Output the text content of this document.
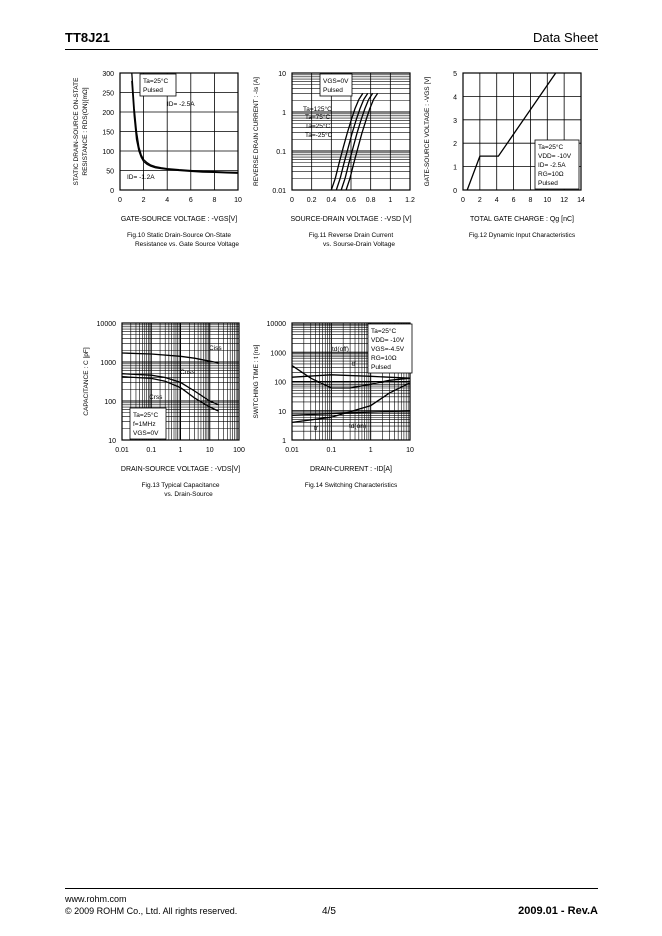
TT8J21	Data Sheet
0	2	4	6	8	10
0
50
100
150
200
250
300
GATE-SOURCE VOLTAGE : -VGS[V]
STATIC DRAIN-SOURCE ON-STATE RESISTANCE : RDS(ON)[mΩ]
Fig.10 Static Drain-Source On-State
Resistance vs. Gate Source Voltage
Ta=25°C
Pulsed
0 0.2 0.4 0.6 0.8 1 1.2
0.01
0.1
1
10
SOURCE-DRAIN VOLTAGE : -VSD [V]
REVERSE DRAIN CURRENT : -Is [A]
Fig.11 Reverse Drain Current
vs. Sourse-Drain Voltage
VGS=0V
Pulsed
0 2 4 6 8 10 12 14
0
1
2
3
4
5
TOTAL GATE CHARGE : Qg [nC]
GATE-SOURCE VOLTAGE : -VGS [V]
Fig.12 Dynamic Input Characteristics
Ta=25°C
VDD= -10V
ID= -2.5A
RG=10Ω
Pulsed
0.01	0.1	1	10	100
10
100
1000
10000
DRAIN-SOURCE VOLTAGE : -VDS[V]
CAPACITANCE : C [pF]
Fig.13 Typical Capacitance
vs. Drain-Source
Ta=25°C
f=1MHz
VGS=0V
0.01	0.1	1	10
1
10
100
1000
10000
DRAIN-CURRENT : -ID[A]
SWITCHING TIME : t [ns]
Fig.14 Switching Characteristics
Ta=25°C
VDD= -10V
VGS=-4.5V
RG=10Ω
Pulsed
ID= -2.5A
ID= -1.2A
Ta=125°C
Ta=75°C
Ta=25°C
Ta=-25°C
Ciss
Coss
Crss
td(off)
tf
tr	td(on)
www.rohm.com
© 2009 ROHM Co., Ltd. All rights reserved.	4/5	2009.01 - Rev.A
